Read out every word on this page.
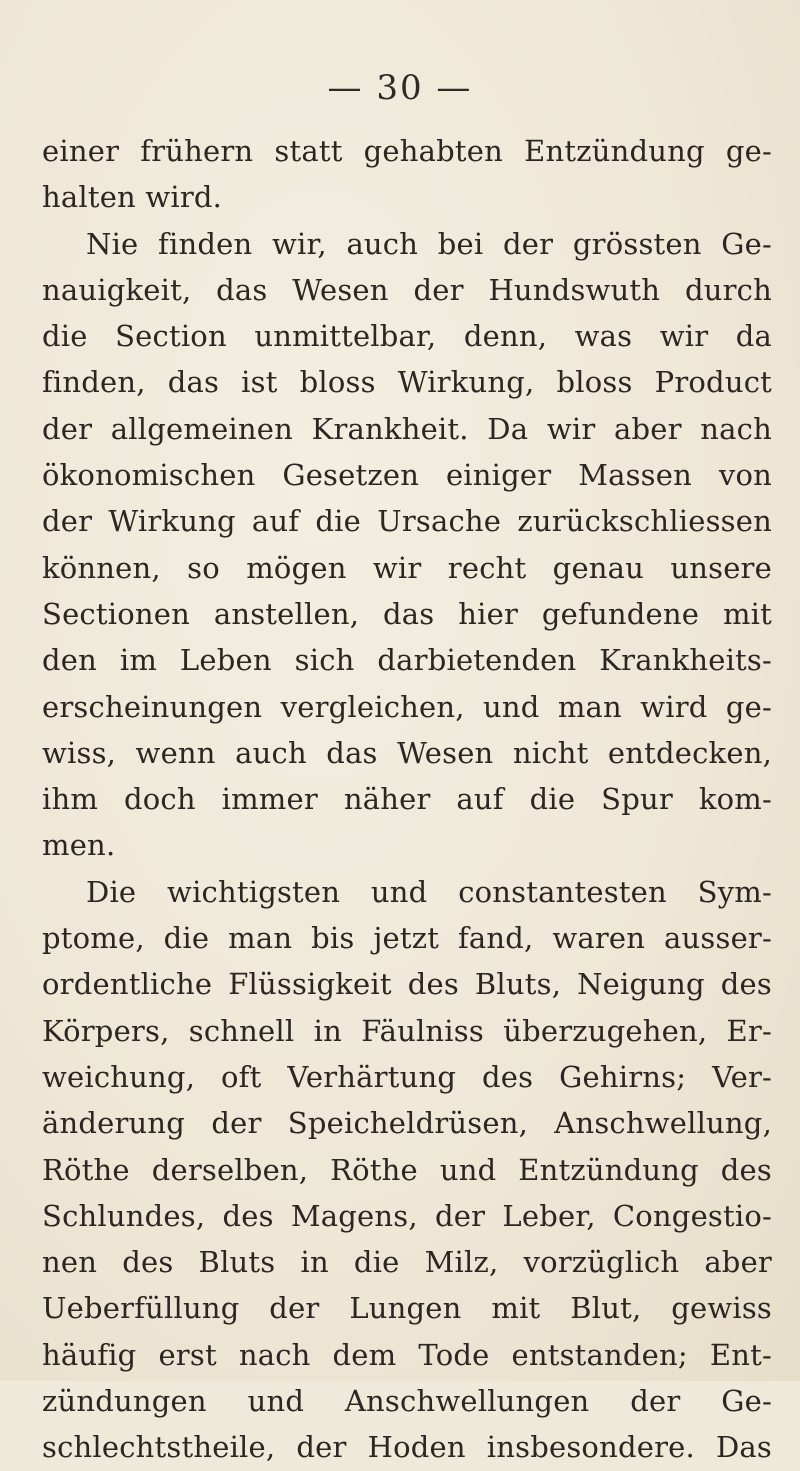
— 30 —
einer frühern statt gehabten Entzündung ge-
halten wird.
Nie finden wir, auch bei der grössten Ge-
nauigkeit, das Wesen der Hundswuth durch
die Section unmittelbar, denn, was wir da
finden, das ist bloss Wirkung, bloss Product
der allgemeinen Krankheit. Da wir aber nach
ökonomischen Gesetzen einiger Massen von
der Wirkung auf die Ursache zurückschliessen
können, so mögen wir recht genau unsere
Sectionen anstellen, das hier gefundene mit
den im Leben sich darbietenden Krankheits-
erscheinungen vergleichen, und man wird ge-
wiss, wenn auch das Wesen nicht entdecken,
ihm doch immer näher auf die Spur kom-
men.
Die wichtigsten und constantesten Sym-
ptome, die man bis jetzt fand, waren ausser-
ordentliche Flüssigkeit des Bluts, Neigung des
Körpers, schnell in Fäulniss überzugehen, Er-
weichung, oft Verhärtung des Gehirns; Ver-
änderung der Speicheldrüsen, Anschwellung,
Röthe derselben, Röthe und Entzündung des
Schlundes, des Magens, der Leber, Congestio-
nen des Bluts in die Milz, vorzüglich aber
Ueberfüllung der Lungen mit Blut, gewiss
häufig erst nach dem Tode entstanden; Ent-
zündungen und Anschwellungen der Ge-
schlechtstheile, der Hoden insbesondere. Das
